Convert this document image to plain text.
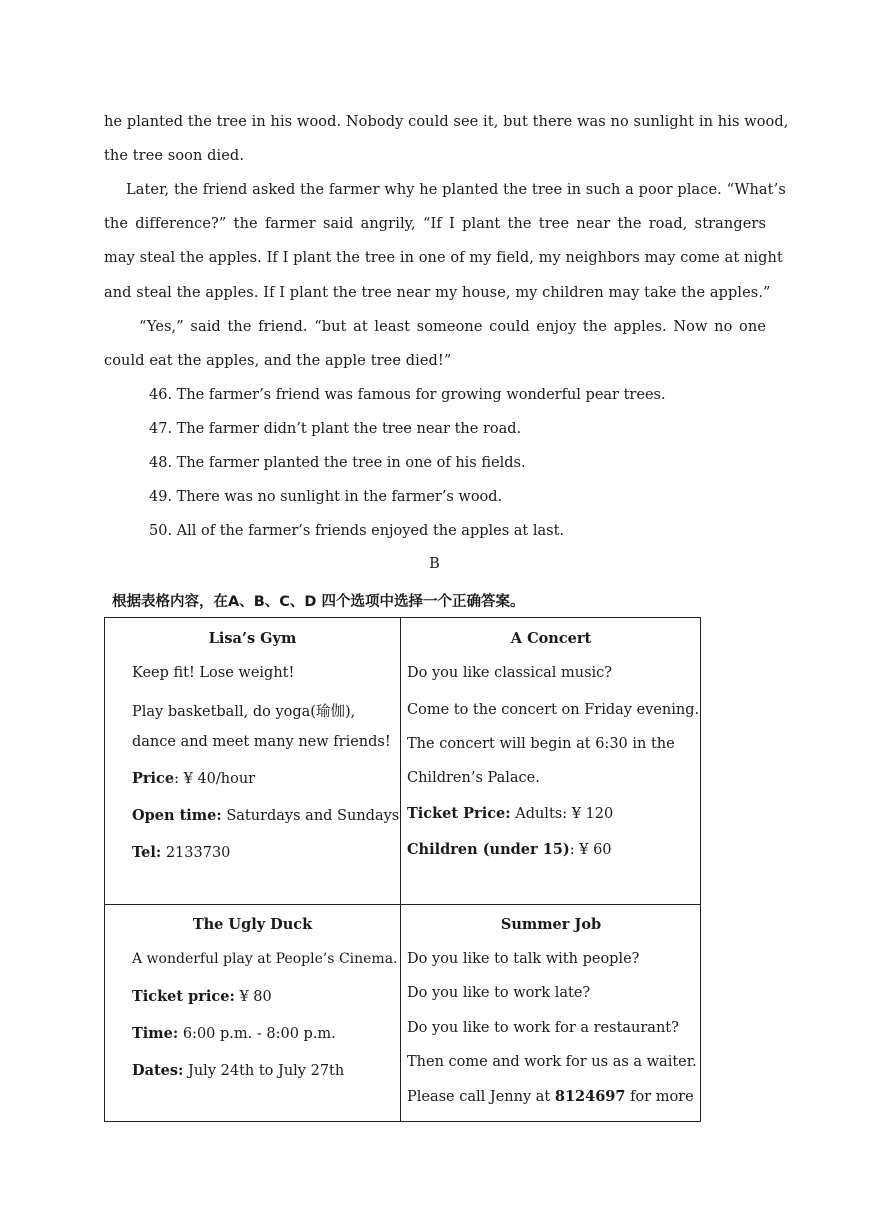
he planted the tree in his wood. Nobody could see it, but there was no sunlight in his wood,
the tree soon died.
Later, the friend asked the farmer why he planted the tree in such a poor place. “What’s
the difference?” the farmer said angrily, “If I plant the tree near the road, strangers
may steal the apples. If I plant the tree in one of my field, my neighbors may come at night
and steal the apples. If I plant the tree near my house, my children may take the apples.”
“Yes,” said the friend. “but at least someone could enjoy the apples. Now no one
could eat the apples, and the apple tree died!”
46. The farmer’s friend was famous for growing wonderful pear trees.
47. The farmer didn’t plant the tree near the road.
48. The farmer planted the tree in one of his fields.
49. There was no sunlight in the farmer’s wood.
50. All of the farmer’s friends enjoyed the apples at last.
B
根据表格内容，在A、B、C、D 四个选项中选择一个正确答案。
Lisa’s Gym
Keep fit! Lose weight!
Play basketball, do yoga(瑜伽),
dance and meet many new friends!
Price: ¥ 40/hour
Open time: Saturdays and Sundays
Tel: 2133730
A Concert
Do you like classical music?
Come to the concert on Friday evening.
The concert will begin at 6:30 in the
Children’s Palace.
Ticket Price: Adults: ¥ 120
Children (under 15): ¥ 60
The Ugly Duck
A wonderful play at People’s Cinema.
Ticket price: ¥ 80
Time: 6:00 p.m. - 8:00 p.m.
Dates: July 24th to July 27th
Summer Job
Do you like to talk with people?
Do you like to work late?
Do you like to work for a restaurant?
Then come and work for us as a waiter.
Please call Jenny at 8124697 for more
